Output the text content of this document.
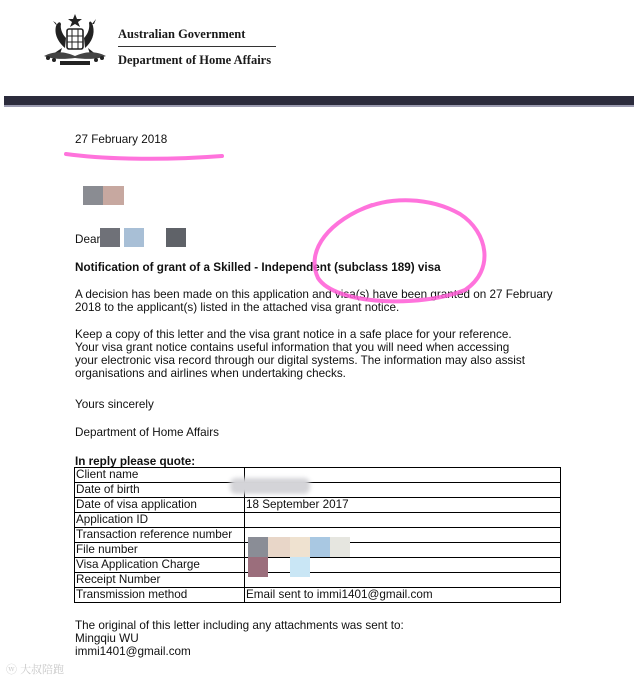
Australian Government
Department of Home Affairs
27 February 2018
Dear
Notification of grant of a Skilled - Independent (subclass 189) visa
A decision has been made on this application and visa(s) have been granted on 27 February
2018 to the applicant(s) listed in the attached visa grant notice.
Keep a copy of this letter and the visa grant notice in a safe place for your reference.
Your visa grant notice contains useful information that you will need when accessing
your electronic visa record through our digital systems. The information may also assist
organisations and airlines when undertaking checks.
Yours sincerely
Department of Home Affairs
In reply please quote:
Client name	
Date of birth	
Date of visa application	18 September 2017
Application ID	
Transaction reference number	
File number	
Visa Application Charge	
Receipt Number	
Transmission method	Email sent to immi1401@gmail.com
The original of this letter including any attachments was sent to:
Mingqiu WU
immi1401@gmail.com
ⓦ 大叔陪跑
